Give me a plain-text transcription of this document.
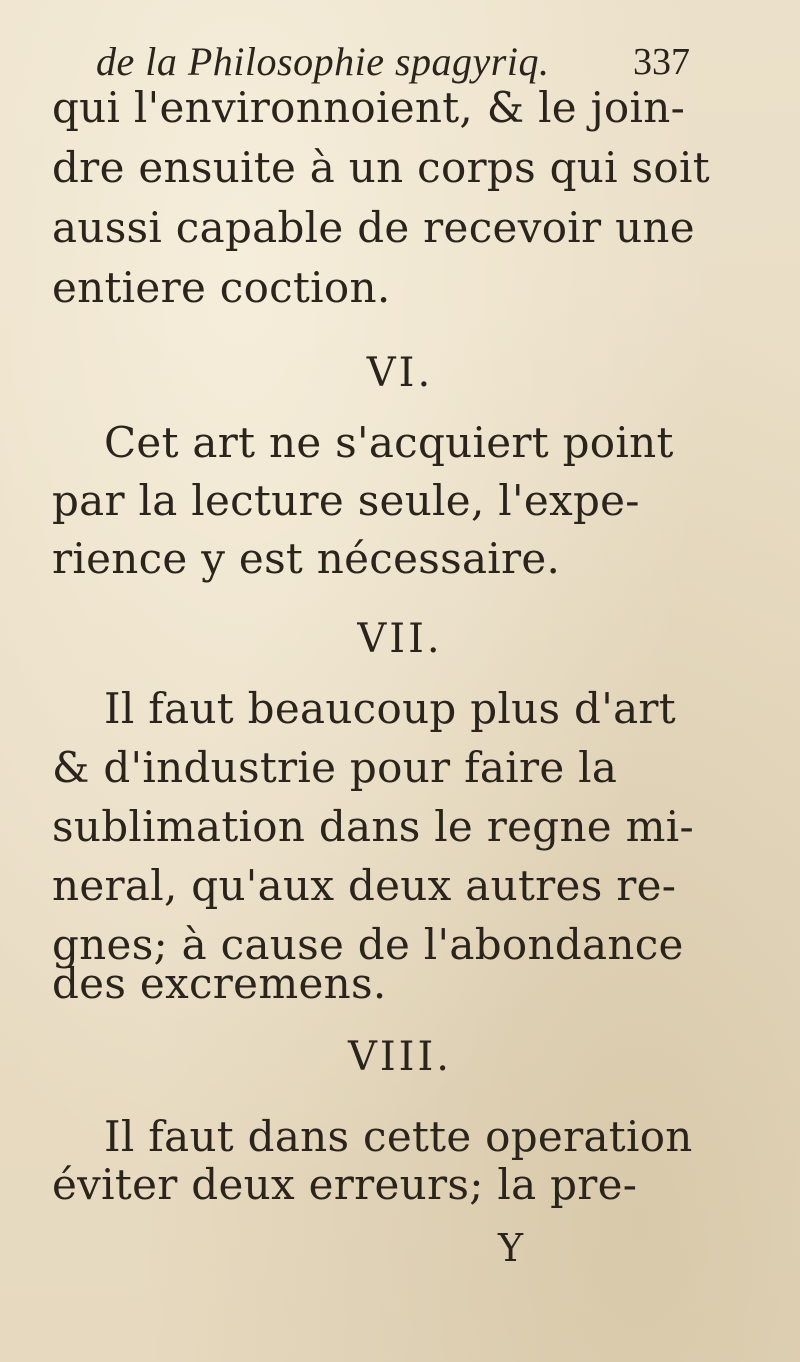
de la Philosophie spagyriq. 337
qui l'environnoient, & le join-
dre ensuite à un corps qui soit
aussi capable de recevoir une
entiere coction.
VI.
Cet art ne s'acquiert point
par la lecture seule, l'expe-
rience y est nécessaire.
VII.
Il faut beaucoup plus d'art
& d'industrie pour faire la
sublimation dans le regne mi-
neral, qu'aux deux autres re-
gnes; à cause de l'abondance
des excremens.
VIII.
Il faut dans cette operation
éviter deux erreurs; la pre-
Y
